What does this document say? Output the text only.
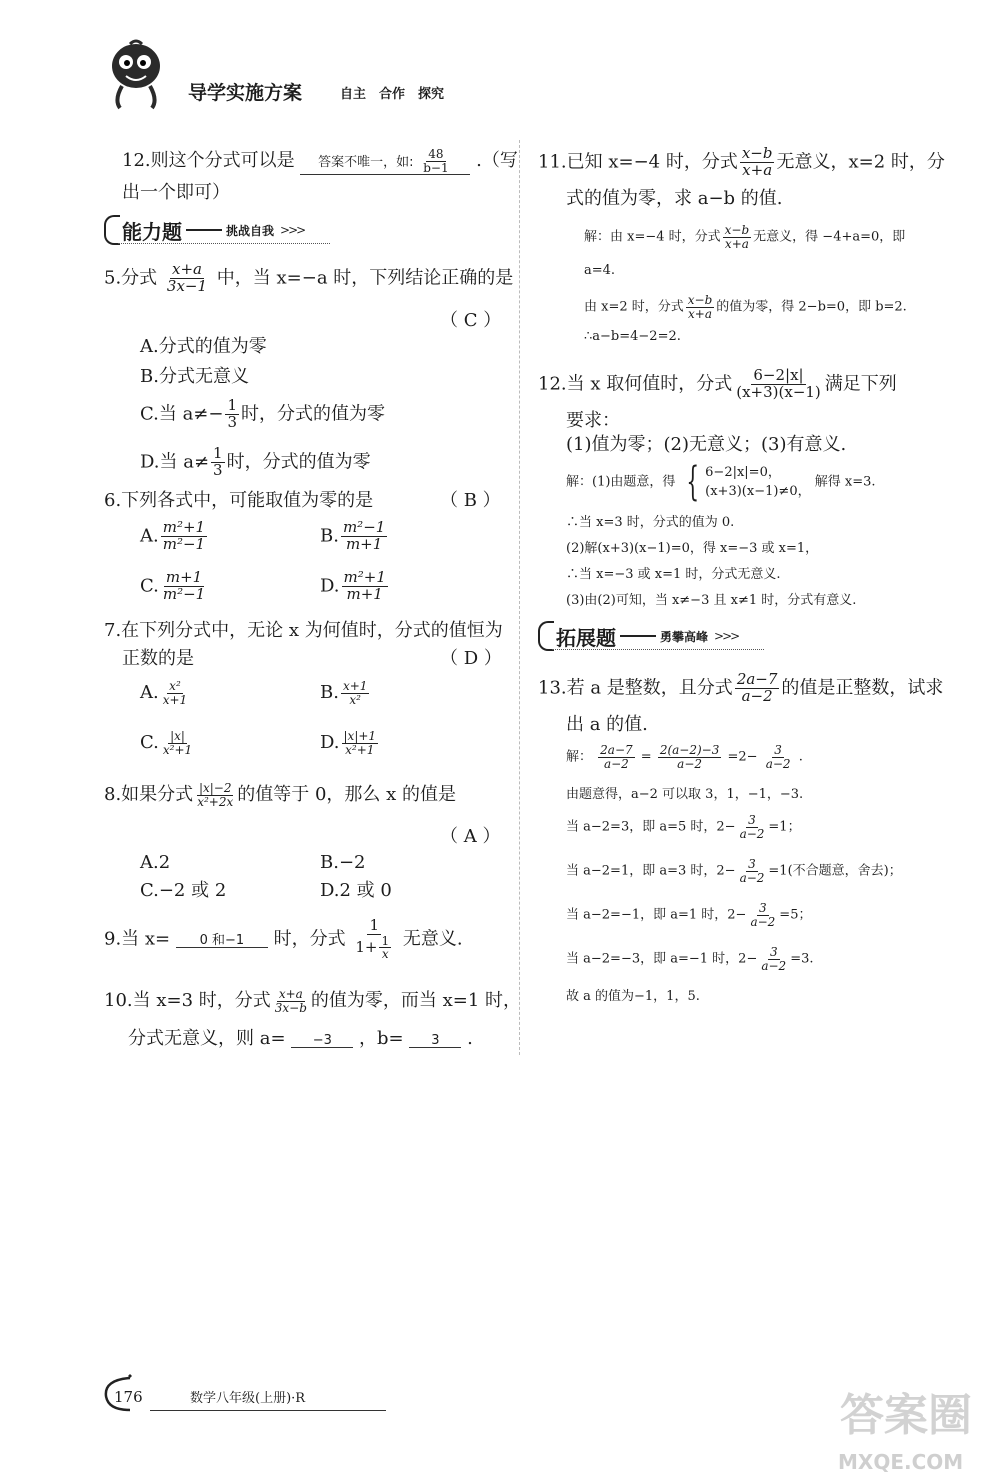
导学实施方案	自主　合作　探究
12.则这个分式可以是 答案不唯一，如: $\frac{48}{b-1}$ .（写
出一个即可）
能力题	挑战自我 >>>
5.分式 $\frac{x+a}{3x-1}$ 中，当 x=−a 时，下列结论正确的是
（ C ）
A.分式的值为零
B.分式无意义
C.当 $a\ne- \frac{1}{3}$ 时，分式的值为零
D.当 $a\ne \frac{1}{3}$ 时，分式的值为零
6.下列各式中，可能取值为零的是	（ B ）
A. $\frac{\text{m²+1}}{\text{m²−1}}$	B. $\frac{\text{m²−1}}{m+1}$
C. $\frac{m+1}{\text{m²−1}}$	D. $\frac{\text{m²+1}}{m+1}$
7.在下列分式中，无论 x 为何值时，分式的值恒为
正数的是	（ D ）
A. $\frac{\text{x²}}{x+1}$	B. $\frac{x+1}{\text{x²}}$
C. $\frac{|x|}{\text{x²+1}}$	D. $\frac{|x|+1}{\text{x²+1}}$
8.如果分式 $\frac{|x|-2}{\text{x²+2x}}$ 的值等于 0，那么 x 的值是
（ A ）
A.2	B.−2
C.−2 或 2	D.2 或 0
9.当 x= 0 和−1 时，分式 $\frac{1}{1+ \frac{1}{x}}$ 无意义.
10.当 x=3 时，分式 $\frac{x+a}{3x-b}$ 的值为零，而当 x=1 时，
分式无意义，则 a= −3 ，b= 3 .
11.已知 x=−4 时，分式 $\frac{x-b}{x+a}$ 无意义，x=2 时，分
式的值为零，求 a−b 的值.
解：由 x=−4 时，分式 $\frac{x-b}{x+a}$ 无意义，得 −4+a=0，即
a=4.
由 x=2 时，分式 $\frac{x-b}{x+a}$ 的值为零，得 2−b=0，即 b=2.
∴a−b=4−2=2.
12.当 x 取何值时，分式 $\frac{6-2|x|}{(x+3)(x-1)}$ 满足下列
要求：
(1)值为零；(2)无意义；(3)有意义.
解：(1)由题意，得 { 6−2|x|=0，
(x+3)(x−1)≠0，
解得 x=3.
∴当 x=3 时，分式的值为 0.
(2)解(x+3)(x−1)=0，得 x=−3 或 x=1，
∴当 x=−3 或 x=1 时，分式无意义.
(3)由(2)可知，当 x≠−3 且 x≠1 时，分式有意义.
拓展题	勇攀高峰 >>>
13.若 a 是整数，且分式 $\frac{2a-7}{a-2}$ 的值是正整数，试求
出 a 的值.
解： $\frac{2a-7}{a-2} = \frac{2(a-2)-3}{a-2} =2- \frac{3}{a-2}$ .
由题意得，a−2 可以取 3，1，−1，−3.
当 a−2=3，即 a=5 时，$2- \frac{3}{a-2} =1$；
当 a−2=1，即 a=3 时，$2- \frac{3}{a-2} =1$(不合题意，舍去)；
当 a−2=−1，即 a=1 时，$2- \frac{3}{a-2} =5$；
当 a−2=−3，即 a=−1 时，$2- \frac{3}{a-2} =3$.
故 a 的值为−1，1，5.
176	数学八年级(上册)·R	答案圈
MXQE.COM
